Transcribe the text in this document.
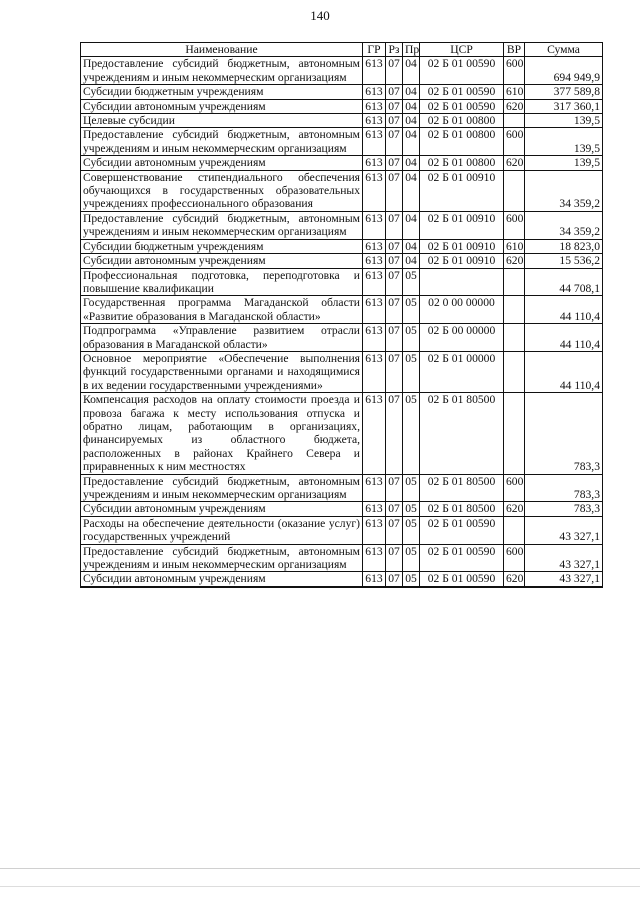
140
Наименование	ГР	Рз	Пр	ЦСР	ВР	Сумма
Предоставление субсидий бюджетным, автономным учреждениям и иным некоммерческим организациям	613	07	04	02 Б 01 00590	600	694 949,9
Субсидии бюджетным учреждениям	613	07	04	02 Б 01 00590	610	377 589,8
Субсидии автономным учреждениям	613	07	04	02 Б 01 00590	620	317 360,1
Целевые субсидии	613	07	04	02 Б 01 00800		139,5
Предоставление субсидий бюджетным, автономным учреждениям и иным некоммерческим организациям	613	07	04	02 Б 01 00800	600	139,5
Субсидии автономным учреждениям	613	07	04	02 Б 01 00800	620	139,5
Совершенствование стипендиального обеспечения обучающихся в государственных образовательных учреждениях профессионального образования	613	07	04	02 Б 01 00910		34 359,2
Предоставление субсидий бюджетным, автономным учреждениям и иным некоммерческим организациям	613	07	04	02 Б 01 00910	600	34 359,2
Субсидии бюджетным учреждениям	613	07	04	02 Б 01 00910	610	18 823,0
Субсидии автономным учреждениям	613	07	04	02 Б 01 00910	620	15 536,2
Профессиональная подготовка, переподготовка и повышение квалификации	613	07	05			44 708,1
Государственная программа Магаданской области «Развитие образования в Магаданской области»	613	07	05	02 0 00 00000		44 110,4
Подпрограмма «Управление развитием отрасли образования в Магаданской области»	613	07	05	02 Б 00 00000		44 110,4
Основное мероприятие «Обеспечение выполнения функций государственными органами и находящимися в их ведении государственными учреждениями»	613	07	05	02 Б 01 00000		44 110,4
Компенсация расходов на оплату стоимости проезда и провоза багажа к месту использования отпуска и обратно лицам, работающим в организациях, финансируемых из областного бюджета, расположенных в районах Крайнего Севера и приравненных к ним местностях	613	07	05	02 Б 01 80500		783,3
Предоставление субсидий бюджетным, автономным учреждениям и иным некоммерческим организациям	613	07	05	02 Б 01 80500	600	783,3
Субсидии автономным учреждениям	613	07	05	02 Б 01 80500	620	783,3
Расходы на обеспечение деятельности (оказание услуг) государственных учреждений	613	07	05	02 Б 01 00590		43 327,1
Предоставление субсидий бюджетным, автономным учреждениям и иным некоммерческим организациям	613	07	05	02 Б 01 00590	600	43 327,1
Субсидии автономным учреждениям	613	07	05	02 Б 01 00590	620	43 327,1
